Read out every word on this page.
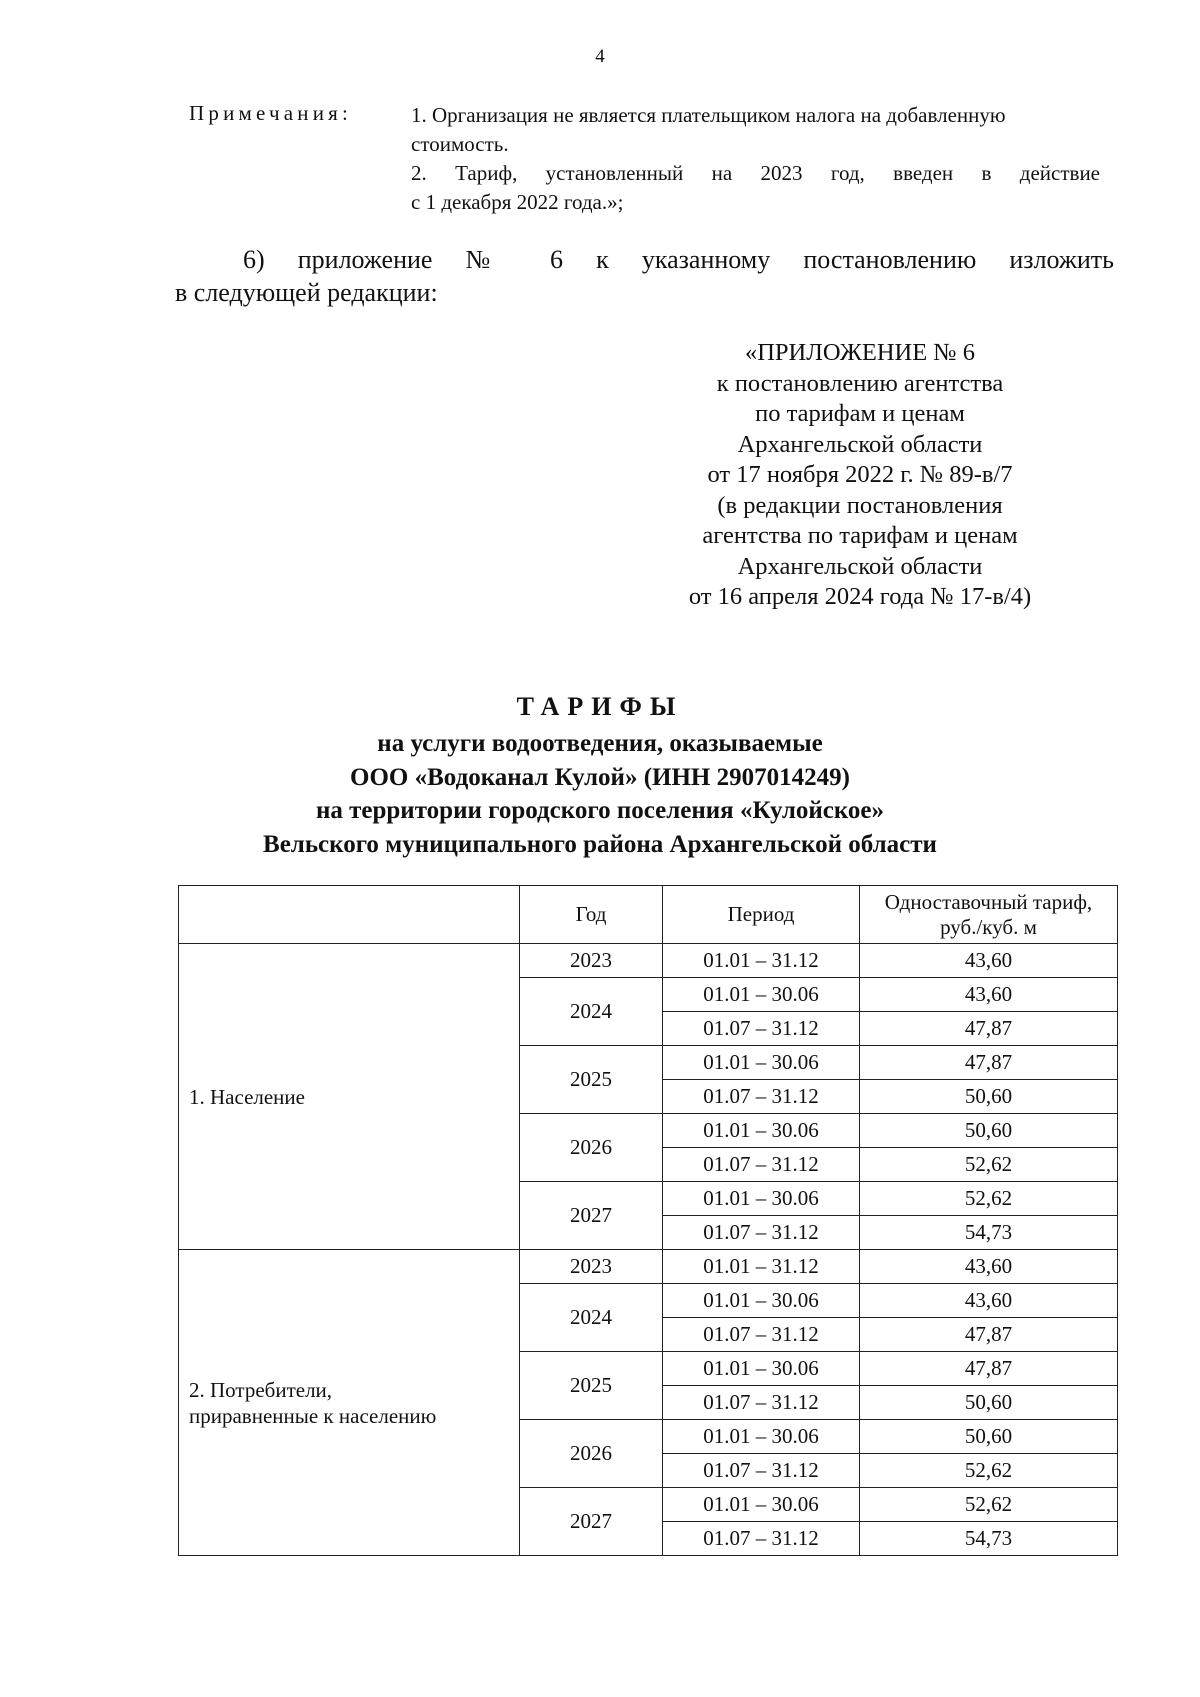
4
Примечания:	1. Организация не является плательщиком налога на добавленную
стоимость.
2. Тариф, установленный на 2023 год, введен в действие
с 1 декабря 2022 года.»;
6) приложение № 6 к указанному постановлению изложить
в следующей редакции:
«ПРИЛОЖЕНИЕ № 6
к постановлению агентства
по тарифам и ценам
Архангельской области
от 17 ноября 2022 г. № 89-в/7
(в редакции постановления
агентства по тарифам и ценам
Архангельской области
от 16 апреля 2024 года № 17-в/4)
ТАРИФЫ
на услуги водоотведения, оказываемые
ООО «Водоканал Кулой» (ИНН 2907014249)
на территории городского поселения «Кулойское»
Вельского муниципального района Архангельской области
	Год	Период	Одноставочный тариф,
руб./куб. м

1. Население	2023	01.01 – 31.12	43,60
	2024	01.01 – 30.06	43,60
		01.07 – 31.12	47,87
	2025	01.01 – 30.06	47,87
		01.07 – 31.12	50,60
	2026	01.01 – 30.06	50,60
		01.07 – 31.12	52,62
	2027	01.01 – 30.06	52,62
		01.07 – 31.12	54,73

2. Потребители,
приравненные к населению	2023	01.01 – 31.12	43,60
	2024	01.01 – 30.06	43,60
		01.07 – 31.12	47,87
	2025	01.01 – 30.06	47,87
		01.07 – 31.12	50,60
	2026	01.01 – 30.06	50,60
		01.07 – 31.12	52,62
	2027	01.01 – 30.06	52,62
		01.07 – 31.12	54,73
